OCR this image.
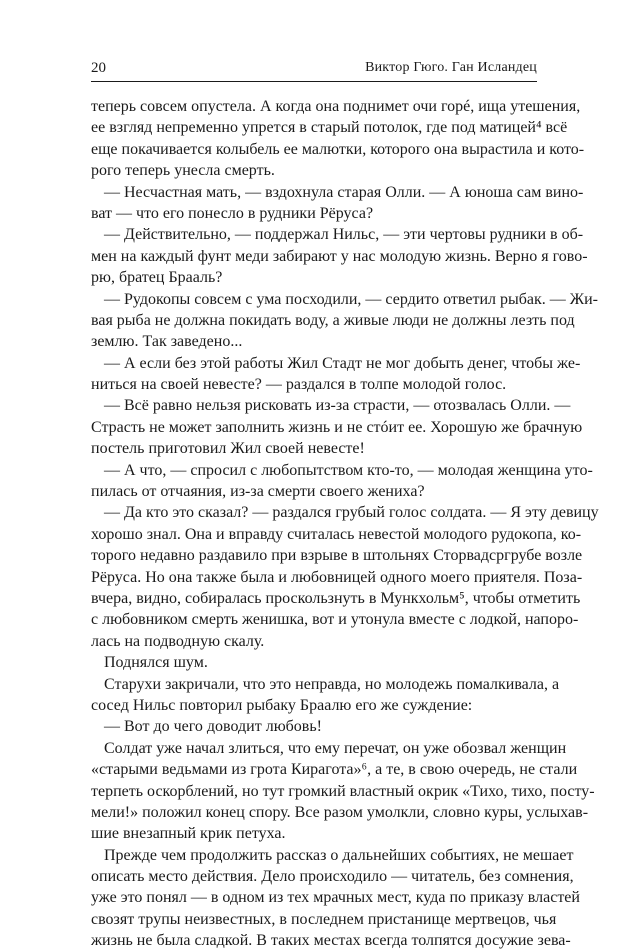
20	Виктор Гюго. Ган Исландец
теперь совсем опустела. А когда она поднимет очи горé, ища утешения,
ее взгляд непременно упрется в старый потолок, где под матицей⁴ всё
еще покачивается колыбель ее малютки, которого она вырастила и кото-
рого теперь унесла смерть.
— Несчастная мать, — вздохнула старая Олли. — А юноша сам вино-
ват — что его понесло в рудники Рёруса?
— Действительно, — поддержал Нильс, — эти чертовы рудники в об-
мен на каждый фунт меди забирают у нас молодую жизнь. Верно я гово-
рю, братец Брааль?
— Рудокопы совсем с ума посходили, — сердито ответил рыбак. — Жи-
вая рыба не должна покидать воду, а живые люди не должны лезть под
землю. Так заведено...
— А если без этой работы Жил Стадт не мог добыть денег, чтобы же-
ниться на своей невесте? — раздался в толпе молодой голос.
— Всё равно нельзя рисковать из-за страсти, — отозвалась Олли. —
Страсть не может заполнить жизнь и не стóит ее. Хорошую же брачную
постель приготовил Жил своей невесте!
— А что, — спросил с любопытством кто-то, — молодая женщина уто-
пилась от отчаяния, из-за смерти своего жениха?
— Да кто это сказал? — раздался грубый голос солдата. — Я эту девицу
хорошо знал. Она и вправду считалась невестой молодого рудокопа, ко-
торого недавно раздавило при взрыве в штольнях Сторвадсргрубе возле
Рёруса. Но она также была и любовницей одного моего приятеля. Поза-
вчера, видно, собиралась проскользнуть в Мункхольм⁵, чтобы отметить
с любовником смерть женишка, вот и утонула вместе с лодкой, напоро-
лась на подводную скалу.
Поднялся шум.
Старухи закричали, что это неправда, но молодежь помалкивала, а
сосед Нильс повторил рыбаку Браалю его же суждение:
— Вот до чего доводит любовь!
Солдат уже начал злиться, что ему перечат, он уже обозвал женщин
«старыми ведьмами из грота Кирагота»⁶, а те, в свою очередь, не стали
терпеть оскорблений, но тут громкий властный окрик «Тихо, тихо, посту-
мели!» положил конец спору. Все разом умолкли, словно куры, услыхав-
шие внезапный крик петуха.
Прежде чем продолжить рассказ о дальнейших событиях, не мешает
описать место действия. Дело происходило — читатель, без сомнения,
уже это понял — в одном из тех мрачных мест, куда по приказу властей
свозят трупы неизвестных, в последнем пристанище мертвецов, чья
жизнь не была сладкой. В таких местах всегда толпятся досужие зева-
